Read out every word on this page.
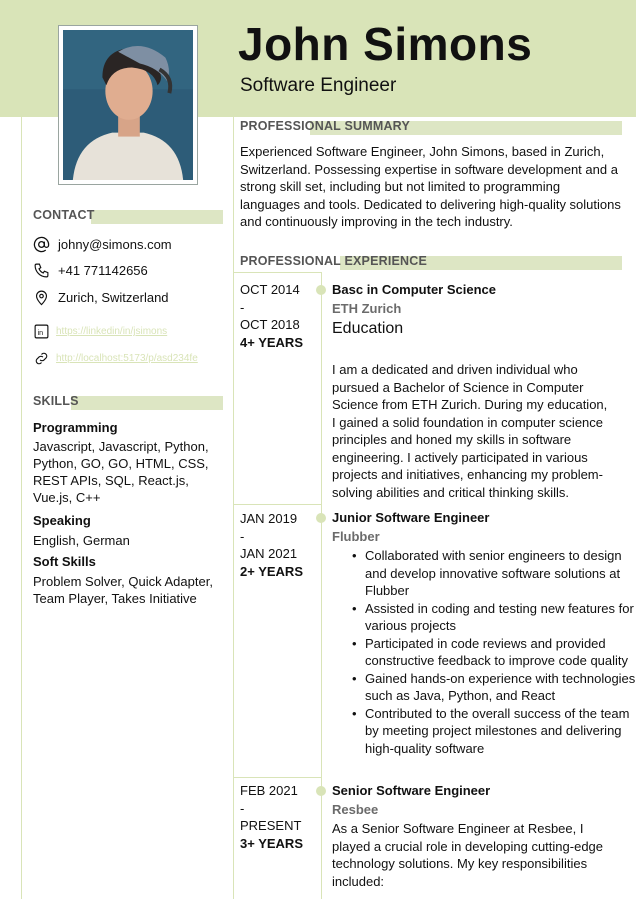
John Simons
Software Engineer
CONTACT
johny@simons.com
+41 771142656
Zurich, Switzerland
in https://linkedin/in/jsimons
http://localhost:5173/p/asd234fe
SKILLS
Programming
Javascript, Javascript, Python, Python, GO, GO, HTML, CSS, REST APIs, SQL, React.js, Vue.js, C++
Speaking
English, German
Soft Skills
Problem Solver, Quick Adapter, Team Player, Takes Initiative
PROFESSIONAL SUMMARY
Experienced Software Engineer, John Simons, based in Zurich, Switzerland. Possessing expertise in software development and a strong skill set, including but not limited to programming languages and tools. Dedicated to delivering high-quality solutions and continuously improving in the tech industry.
PROFESSIONAL EXPERIENCE
OCT 2014
-
OCT 2018
4+ YEARS
Basc in Computer Science
ETH Zurich
Education
I am a dedicated and driven individual who pursued a Bachelor of Science in Computer Science from ETH Zurich. During my education, I gained a solid foundation in computer science principles and honed my skills in software engineering. I actively participated in various projects and initiatives, enhancing my problem-solving abilities and critical thinking skills.
JAN 2019
-
JAN 2021
2+ YEARS
Junior Software Engineer
Flubber
• Collaborated with senior engineers to design and develop innovative software solutions at Flubber
• Assisted in coding and testing new features for various projects
• Participated in code reviews and provided constructive feedback to improve code quality
• Gained hands-on experience with technologies such as Java, Python, and React
• Contributed to the overall success of the team by meeting project milestones and delivering high-quality software
FEB 2021
-
PRESENT
3+ YEARS
Senior Software Engineer
Resbee
As a Senior Software Engineer at Resbee, I played a crucial role in developing cutting-edge technology solutions. My key responsibilities included:
